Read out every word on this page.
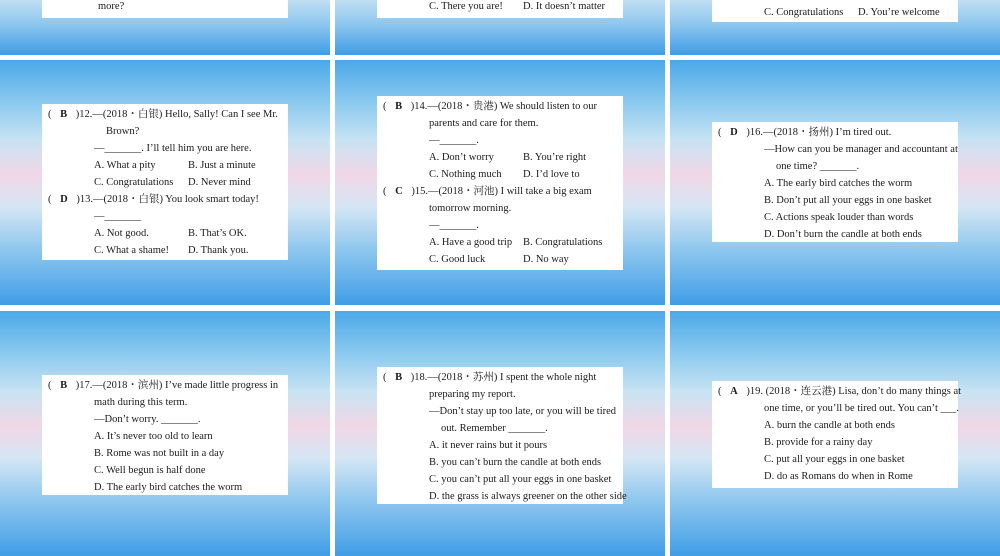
more?	C. There you are!	D. It doesn’t matter
C. Congratulations	D. You’re welcome
( B )12.—(2018・白银) Hello, Sally! Can I see Mr.
Brown?
—_______. I’ll tell him you are here.
A. What a pity	B. Just a minute
C. Congratulations	D. Never mind
( D )13.—(2018・白银) You look smart today!
—_______
A. Not good.	B. That’s OK.
C. What a shame!	D. Thank you.
( B )14.—(2018・贵港) We should listen to our
parents and care for them.
—_______.
A. Don’t worry	B. You’re right
C. Nothing much	D. I’d love to
( C )15.—(2018・河池) I will take a big exam
tomorrow morning.
—_______.
A. Have a good trip	B. Congratulations
C. Good luck	D. No way
( D )16.—(2018・扬州) I’m tired out.
—How can you be manager and accountant at
one time? _______.
A. The early bird catches the worm
B. Don’t put all your eggs in one basket
C. Actions speak louder than words
D. Don’t burn the candle at both ends
( B )17.—(2018・滨州) I’ve made little progress in
math during this term.
—Don’t worry. _______.
A. It’s never too old to learn
B. Rome was not built in a day
C. Well begun is half done
D. The early bird catches the worm
( B )18.—(2018・苏州) I spent the whole night
preparing my report.
—Don’t stay up too late, or you will be tired
out. Remember _______.
A. it never rains but it pours
B. you can’t burn the candle at both ends
C. you can’t put all your eggs in one basket
D. the grass is always greener on the other side
( A )19. (2018・连云港) Lisa, don’t do many things at
one time, or you’ll be tired out. You can’t ___.
A. burn the candle at both ends
B. provide for a rainy day
C. put all your eggs in one basket
D. do as Romans do when in Rome
